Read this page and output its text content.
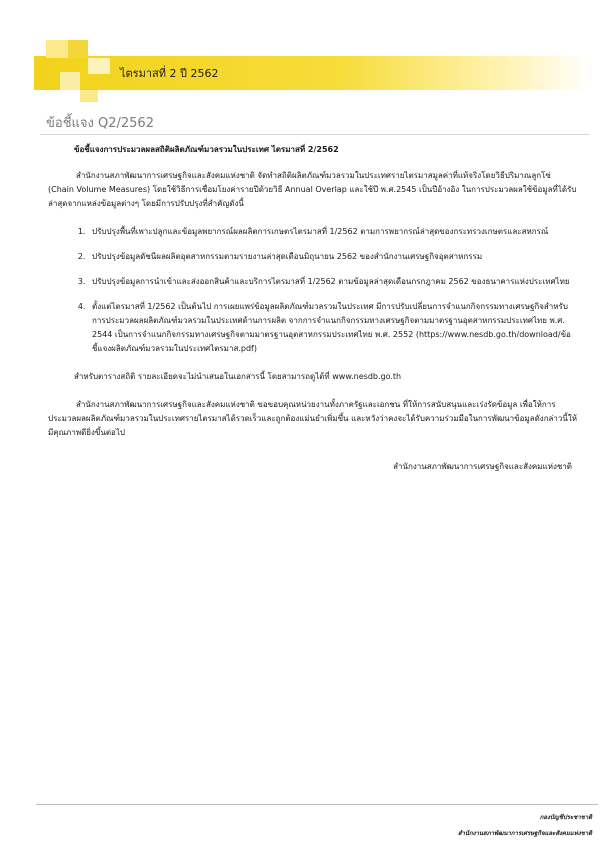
ไตรมาสที่ 2 ปี 2562
ข้อชี้แจง Q2/2562
ข้อชี้แจงการประมวลผลสถิติผลิตภัณฑ์มวลรวมในประเทศ ไตรมาสที่ 2/2562

สำนักงานสภาพัฒนาการเศรษฐกิจและสังคมแห่งชาติ จัดทำสถิติผลิตภัณฑ์มวลรวมในประเทศรายไตรมาสมูลค่าที่แท้จริงโดยวิธีปริมาณลูกโซ่ (Chain Volume Measures) โดยใช้วิธีการเชื่อมโยงค่ารายปีด้วยวิธี Annual Overlap และใช้ปี พ.ศ.2545 เป็นปีอ้างอิง ในการประมวลผลใช้ข้อมูลที่ได้รับล่าสุดจากแหล่งข้อมูลต่างๆ โดยมีการปรับปรุงที่สำคัญดังนี้

1. ปรับปรุงพื้นที่เพาะปลูกและข้อมูลพยากรณ์ผลผลิตการเกษตรไตรมาสที่ 1/2562 ตามการพยากรณ์ล่าสุดของกระทรวงเกษตรและสหกรณ์
2. ปรับปรุงข้อมูลดัชนีผลผลิตอุตสาหกรรมตามรายงานล่าสุดเดือนมิถุนายน 2562 ของสำนักงานเศรษฐกิจอุตสาหกรรม
3. ปรับปรุงข้อมูลการนำเข้าและส่งออกสินค้าและบริการไตรมาสที่ 1/2562 ตามข้อมูลล่าสุดเดือนกรกฎาคม 2562 ของธนาคารแห่งประเทศไทย
4. ตั้งแต่ไตรมาสที่ 1/2562 เป็นต้นไป การเผยแพร่ข้อมูลผลิตภัณฑ์มวลรวมในประเทศ มีการปรับเปลี่ยนการจำแนกกิจกรรมทางเศรษฐกิจสำหรับการประมวลผลผลิตภัณฑ์มวลรวมในประเทศด้านการผลิต จากการจำแนกกิจกรรมทางเศรษฐกิจตามมาตรฐานอุตสาหกรรมประเทศไทย พ.ศ. 2544 เป็นการจำแนกกิจกรรมทางเศรษฐกิจตามมาตรฐานอุตสาหกรรมประเทศไทย พ.ศ. 2552 (https://www.nesdb.go.th/download/ข้อชี้แจงผลิตภัณฑ์มวลรวมในประเทศไตรมาส.pdf)

สำหรับตารางสถิติ รายละเอียดจะไม่นำเสนอในเอกสารนี้ โดยสามารถดูได้ที่ www.nesdb.go.th

สำนักงานสภาพัฒนาการเศรษฐกิจและสังคมแห่งชาติ ขอขอบคุณหน่วยงานทั้งภาครัฐและเอกชน ที่ให้การสนับสนุนและเร่งรัดข้อมูล เพื่อให้การประมวลผลผลิตภัณฑ์มวลรวมในประเทศรายไตรมาสได้รวดเร็วและถูกต้องแม่นยำเพิ่มขึ้น และหวังว่าคงจะได้รับความร่วมมือในการพัฒนาข้อมูลดังกล่าวนี้ให้มีคุณภาพดียิ่งขึ้นต่อไป

สำนักงานสภาพัฒนาการเศรษฐกิจและสังคมแห่งชาติ
กองบัญชีประชาชาติ
สำนักงานสภาพัฒนาการเศรษฐกิจและสังคมแห่งชาติ
